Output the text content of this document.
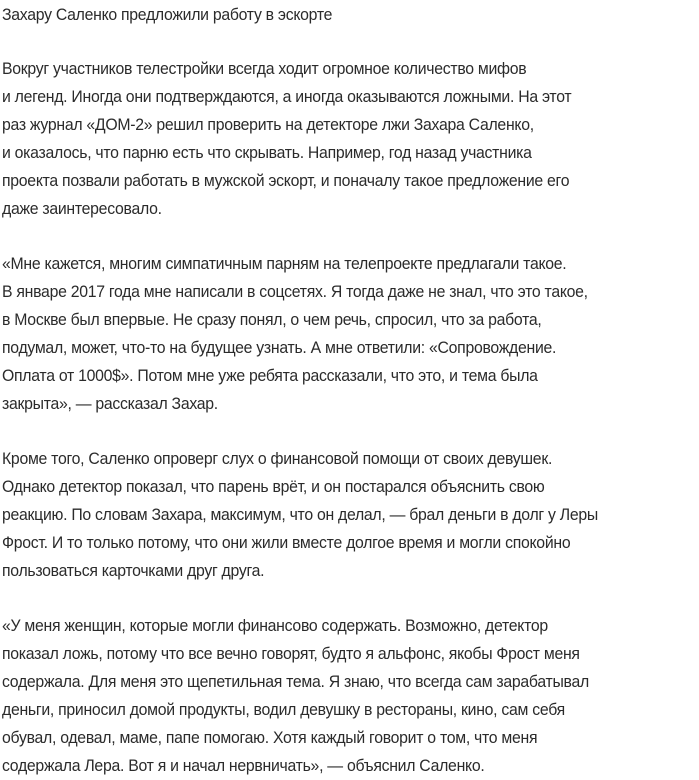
Захару Саленко предложили работу в эскорте

Вокруг участников телестройки всегда ходит огромное количество мифов
и легенд. Иногда они подтверждаются, а иногда оказываются ложными. На этот
раз журнал «ДОМ-2» решил проверить на детекторе лжи Захара Саленко,
и оказалось, что парню есть что скрывать. Например, год назад участника
проекта позвали работать в мужской эскорт, и поначалу такое предложение его
даже заинтересовало.

«Мне кажется, многим симпатичным парням на телепроекте предлагали такое.
В январе 2017 года мне написали в соцсетях. Я тогда даже не знал, что это такое,
в Москве был впервые. Не сразу понял, о чем речь, спросил, что за работа,
подумал, может, что-то на будущее узнать. А мне ответили: «Сопровождение.
Оплата от 1000$». Потом мне уже ребята рассказали, что это, и тема была
закрыта», — рассказал Захар.

Кроме того, Саленко опроверг слух о финансовой помощи от своих девушек.
Однако детектор показал, что парень врёт, и он постарался объяснить свою
реакцию. По словам Захара, максимум, что он делал, — брал деньги в долг у Леры
Фрост. И то только потому, что они жили вместе долгое время и могли спокойно
пользоваться карточками друг друга.

«У меня женщин, которые могли финансово содержать. Возможно, детектор
показал ложь, потому что все вечно говорят, будто я альфонс, якобы Фрост меня
содержала. Для меня это щепетильная тема. Я знаю, что всегда сам зарабатывал
деньги, приносил домой продукты, водил девушку в рестораны, кино, сам себя
обувал, одевал, маме, папе помогаю. Хотя каждый говорит о том, что меня
содержала Лера. Вот я и начал нервничать», — объяснил Саленко.
